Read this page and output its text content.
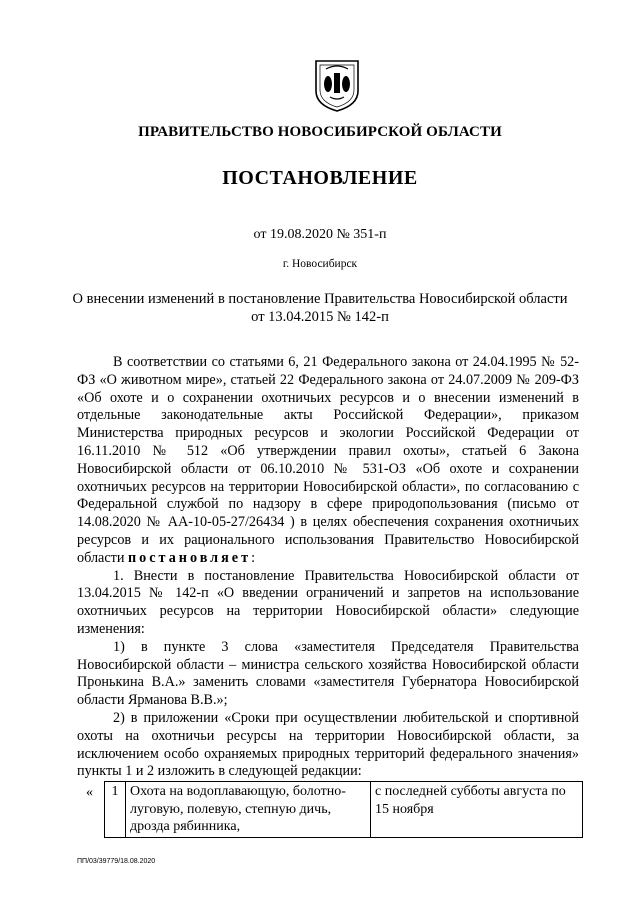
ПРАВИТЕЛЬСТВО НОВОСИБИРСКОЙ ОБЛАСТИ
ПОСТАНОВЛЕНИЕ
от 19.08.2020 № 351-п
г. Новосибирск
О внесении изменений в постановление Правительства Новосибирской области
от 13.04.2015 № 142-п

В соответствии со статьями 6, 21 Федерального закона от 24.04.1995 № 52-ФЗ «О животном мире», статьей 22 Федерального закона от 24.07.2009 № 209-ФЗ «Об охоте и о сохранении охотничьих ресурсов и о внесении изменений в отдельные законодательные акты Российской Федерации», приказом Министерства природных ресурсов и экологии Российской Федерации от 16.11.2010 № 512 «Об утверждении правил охоты», статьей 6 Закона Новосибирской области от 06.10.2010 № 531-ОЗ «Об охоте и сохранении охотничьих ресурсов на территории Новосибирской области», по согласованию с Федеральной службой по надзору в сфере природопользования (письмо от 14.08.2020 № АА-10-05-27/26434 ) в целях обеспечения сохранения охотничьих ресурсов и их рационального использования Правительство Новосибирской области постановляет:

1. Внести в постановление Правительства Новосибирской области от 13.04.2015 № 142-п «О введении ограничений и запретов на использование охотничьих ресурсов на территории Новосибирской области» следующие изменения:

1) в пункте 3 слова «заместителя Председателя Правительства Новосибирской области – министра сельского хозяйства Новосибирской области Пронькина В.А.» заменить словами «заместителя Губернатора Новосибирской области Ярманова В.В.»;

2) в приложении «Сроки при осуществлении любительской и спортивной охоты на охотничьи ресурсы на территории Новосибирской области, за исключением особо охраняемых природных территорий федерального значения» пункты 1 и 2 изложить в следующей редакции:

« 1	Охота на водоплавающую, болотно-луговую, полевую, степную дичь, дрозда рябинника,	с последней субботы августа по 15 ноября
ПП/03/39779/18.08.2020
